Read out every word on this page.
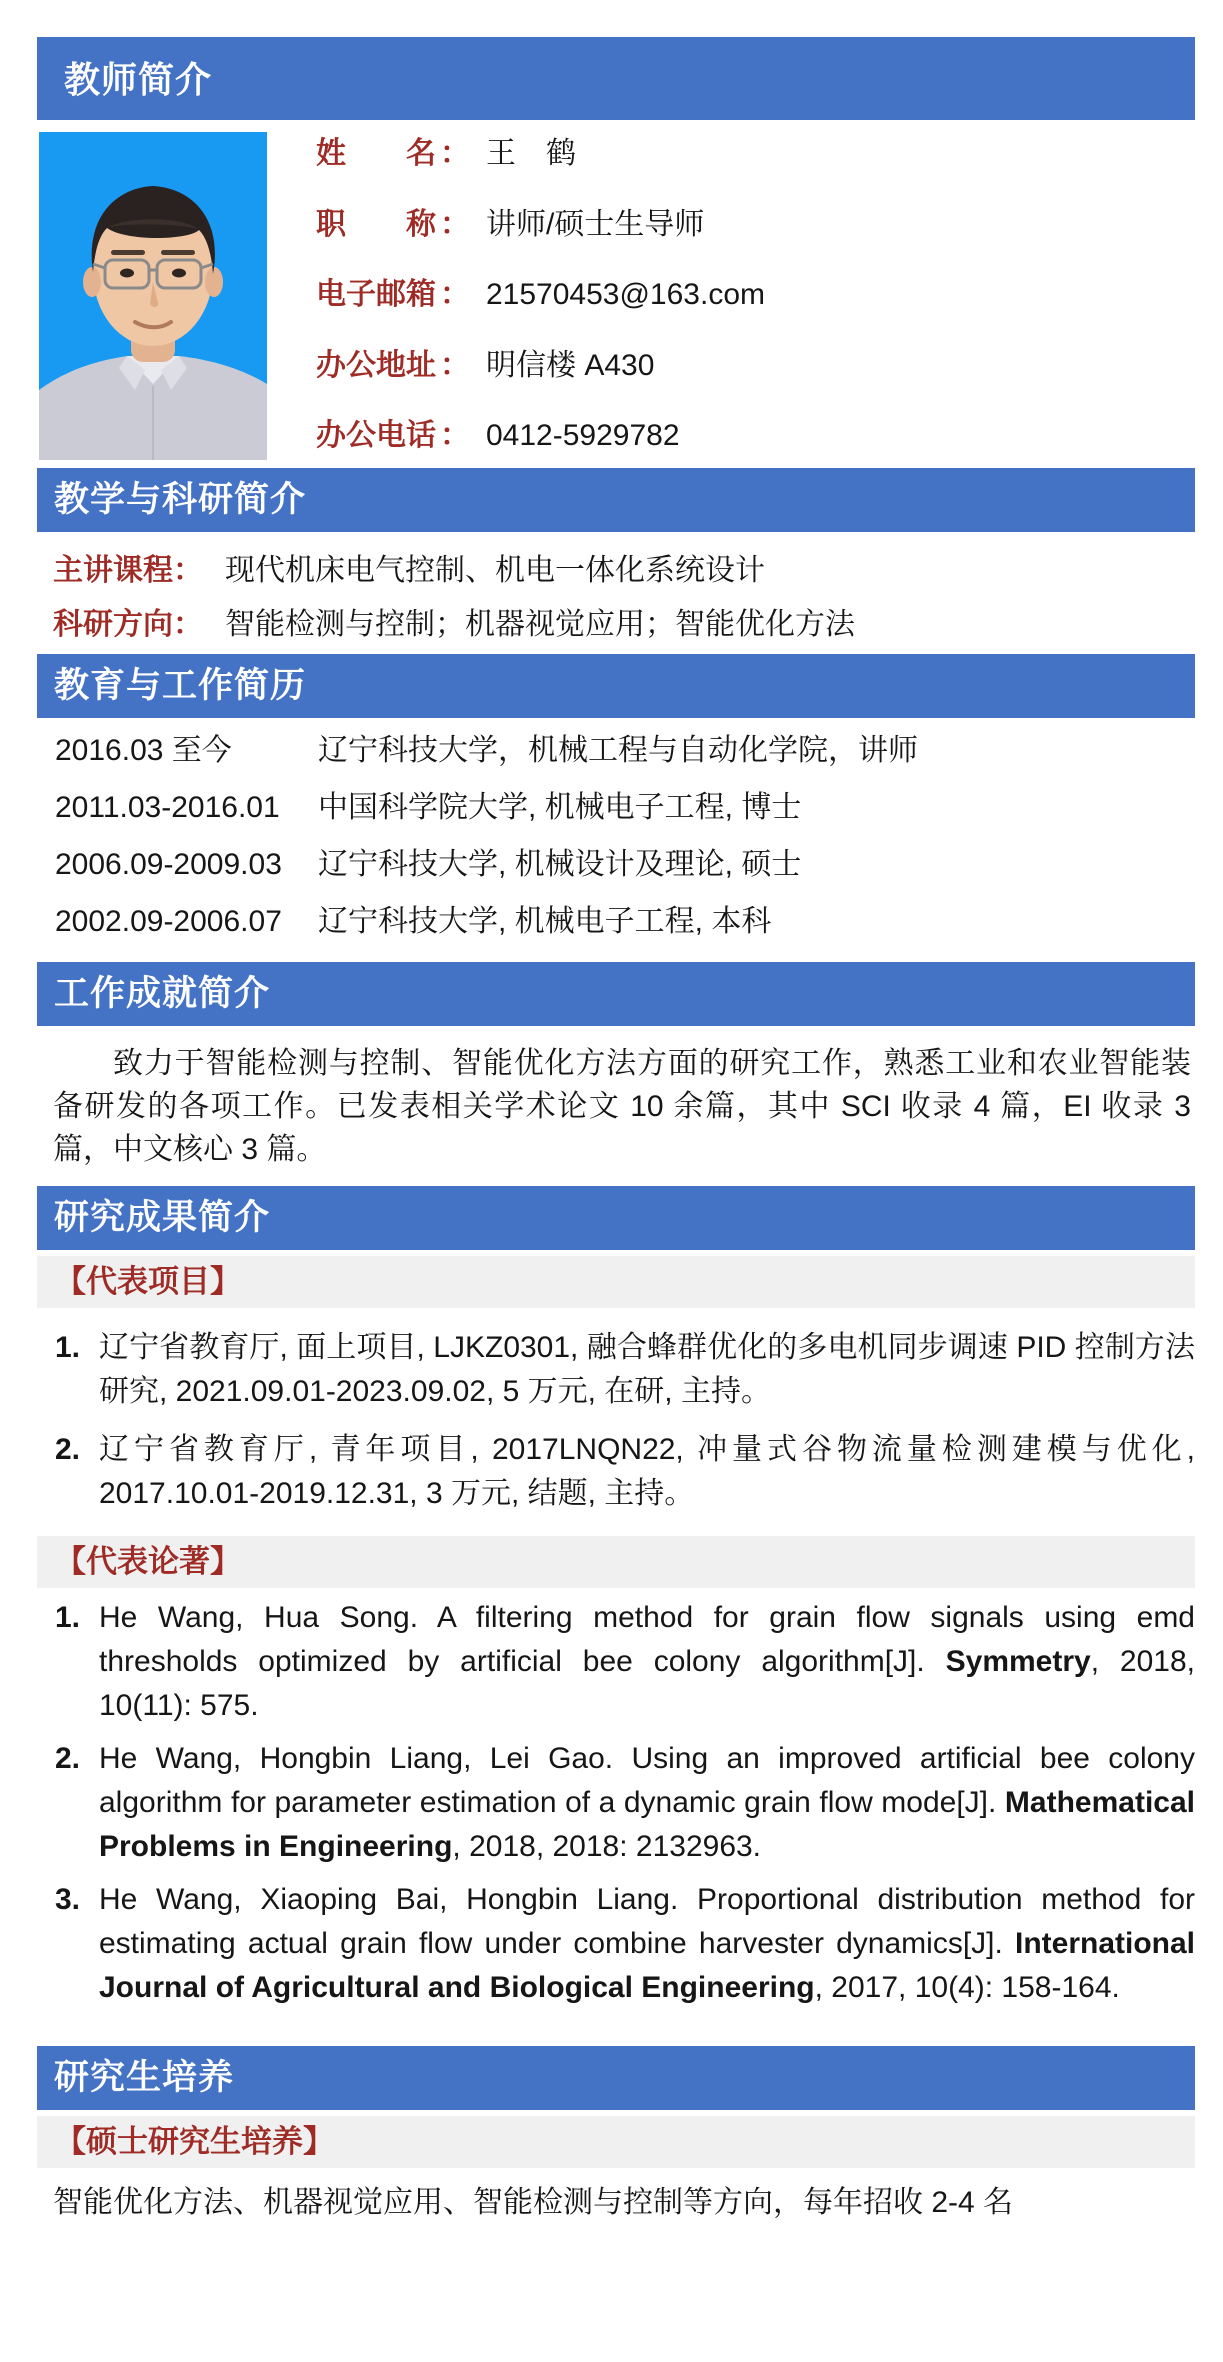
教师简介
姓　　名 ： 王　鹤
职　　称 ： 讲师/硕士生导师
电子邮箱 ： 21570453@163.com
办公地址 ： 明信楼 A430
办公电话 ： 0412-5929782
教学与科研简介
主讲课程： 现代机床电气控制、机电一体化系统设计
科研方向： 智能检测与控制；机器视觉应用；智能优化方法
教育与工作简历
2016.03 至今	辽宁科技大学，机械工程与自动化学院，讲师
2011.03-2016.01	中国科学院大学, 机械电子工程, 博士
2006.09-2009.03	辽宁科技大学, 机械设计及理论, 硕士
2002.09-2006.07	辽宁科技大学, 机械电子工程, 本科
工作成就简介
致力于智能检测与控制、智能优化方法方面的研究工作，熟悉工业和农业智能装备研发的各项工作。已发表相关学术论文 10 余篇，其中 SCI 收录 4 篇，EI 收录 3 篇，中文核心 3 篇。
研究成果简介
【代表项目】
1. 辽宁省教育厅, 面上项目, LJKZ0301, 融合蜂群优化的多电机同步调速 PID 控制方法研究, 2021.09.01-2023.09.02, 5 万元, 在研, 主持。
2. 辽宁省教育厅, 青年项目, 2017LNQN22, 冲量式谷物流量检测建模与优化, 2017.10.01-2019.12.31, 3 万元, 结题, 主持。
【代表论著】
1. He Wang, Hua Song. A filtering method for grain flow signals using emd thresholds optimized by artificial bee colony algorithm[J]. Symmetry, 2018, 10(11): 575.
2. He Wang, Hongbin Liang, Lei Gao. Using an improved artificial bee colony algorithm for parameter estimation of a dynamic grain flow mode[J]. Mathematical Problems in Engineering, 2018, 2018: 2132963.
3. He Wang, Xiaoping Bai, Hongbin Liang. Proportional distribution method for estimating actual grain flow under combine harvester dynamics[J]. International Journal of Agricultural and Biological Engineering, 2017, 10(4): 158-164.
研究生培养
【硕士研究生培养】
智能优化方法、机器视觉应用、智能检测与控制等方向，每年招收 2-4 名
